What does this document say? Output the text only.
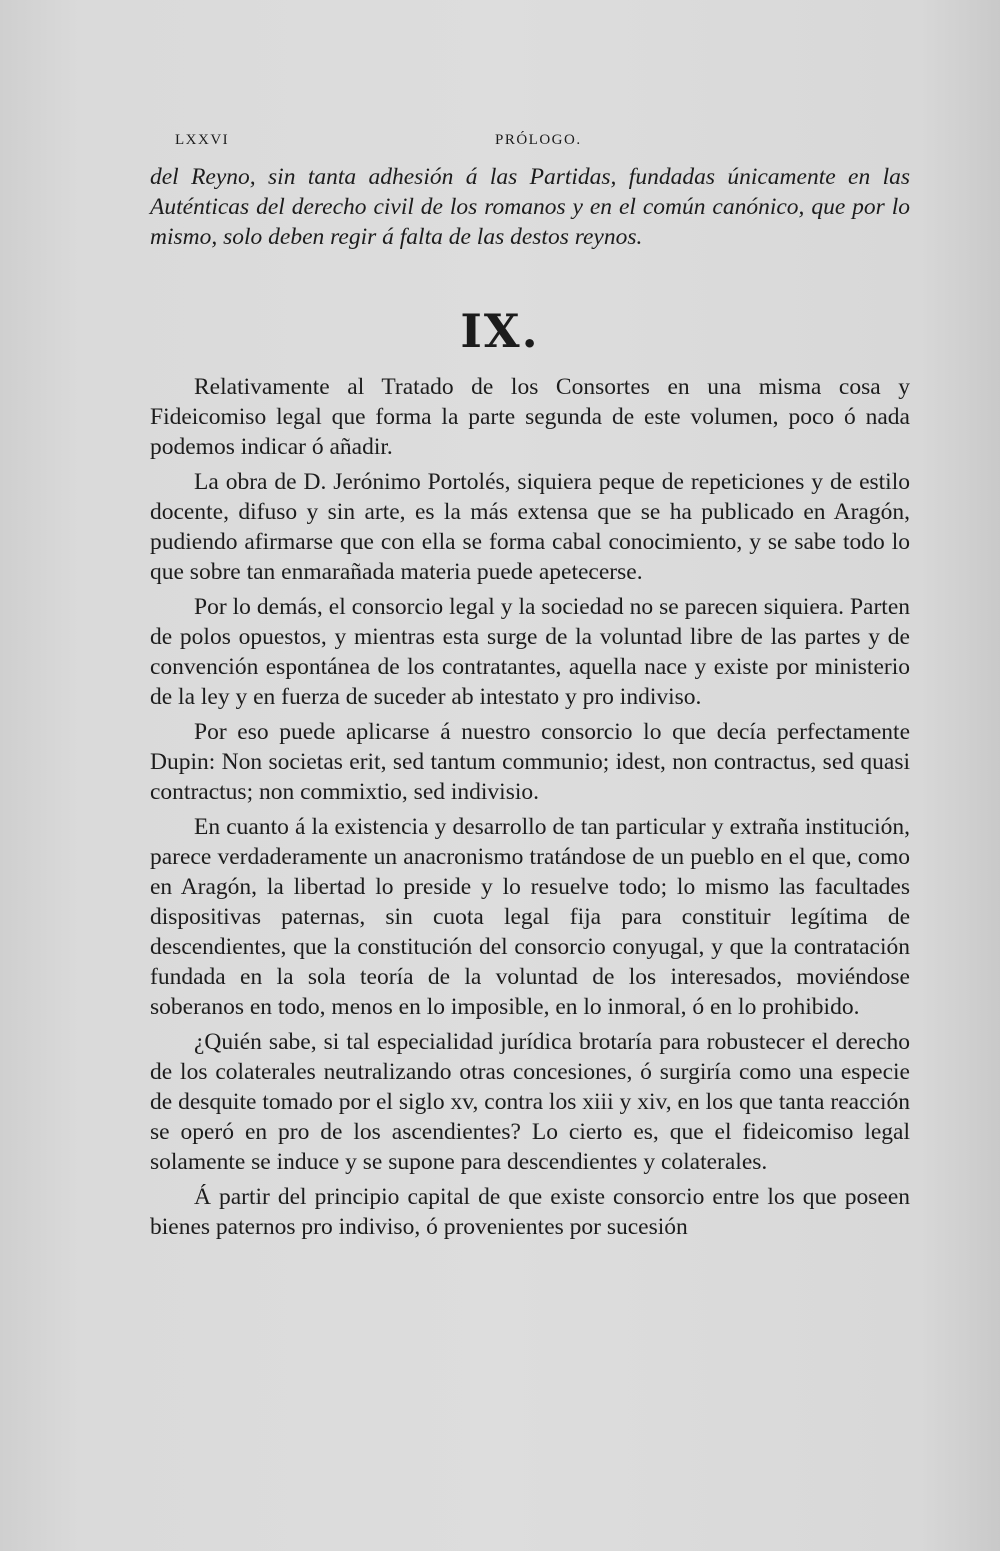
LXXVI	PRÓLOGO.
del Reyno, sin tanta adhesión á las Partidas, fundadas únicamente en las Auténticas del derecho civil de los romanos y en el común canónico, que por lo mismo, solo deben regir á falta de las destos reynos.
IX.

Relativamente al Tratado de los Consortes en una misma cosa y Fideicomiso legal que forma la parte segunda de este volumen, poco ó nada podemos indicar ó añadir.

La obra de D. Jerónimo Portolés, siquiera peque de repeticiones y de estilo docente, difuso y sin arte, es la más extensa que se ha publicado en Aragón, pudiendo afirmarse que con ella se forma cabal conocimiento, y se sabe todo lo que sobre tan enmarañada materia puede apetecerse.

Por lo demás, el consorcio legal y la sociedad no se parecen siquiera. Parten de polos opuestos, y mientras esta surge de la voluntad libre de las partes y de convención espontánea de los contratantes, aquella nace y existe por ministerio de la ley y en fuerza de suceder ab intestato y pro indiviso.

Por eso puede aplicarse á nuestro consorcio lo que decía perfectamente Dupin: Non societas erit, sed tantum communio; idest, non contractus, sed quasi contractus; non commixtio, sed indivisio.

En cuanto á la existencia y desarrollo de tan particular y extraña institución, parece verdaderamente un anacronismo tratándose de un pueblo en el que, como en Aragón, la libertad lo preside y lo resuelve todo; lo mismo las facultades dispositivas paternas, sin cuota legal fija para constituir legítima de descendientes, que la constitución del consorcio conyugal, y que la contratación fundada en la sola teoría de la voluntad de los interesados, moviéndose soberanos en todo, menos en lo imposible, en lo inmoral, ó en lo prohibido.

¿Quién sabe, si tal especialidad jurídica brotaría para robustecer el derecho de los colaterales neutralizando otras concesiones, ó surgiría como una especie de desquite tomado por el siglo xv, contra los xiii y xiv, en los que tanta reacción se operó en pro de los ascendientes? Lo cierto es, que el fideicomiso legal solamente se induce y se supone para descendientes y colaterales.

Á partir del principio capital de que existe consorcio entre los que poseen bienes paternos pro indiviso, ó provenientes por sucesión
